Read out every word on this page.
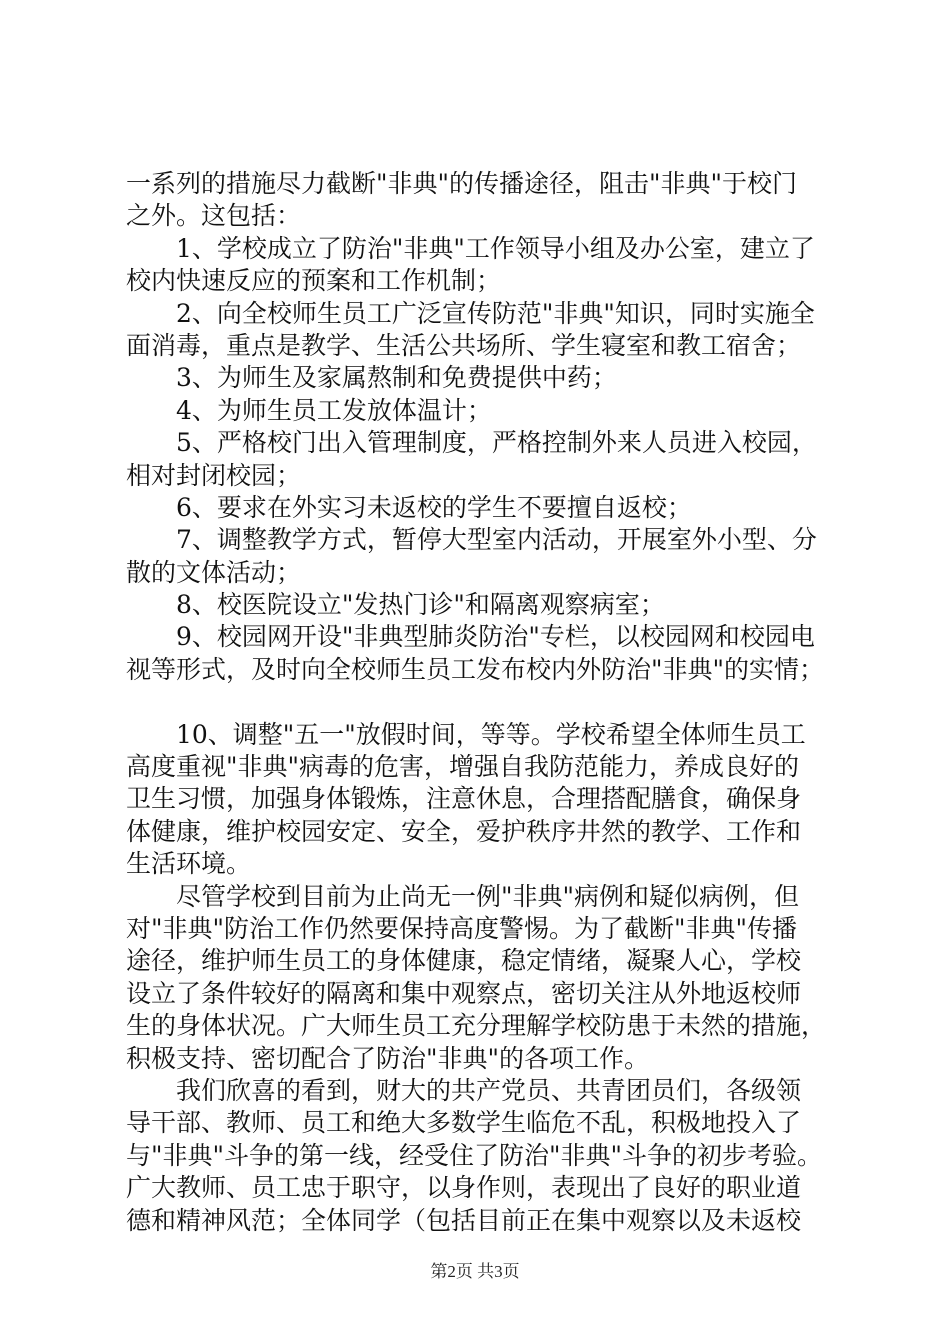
一系列的措施尽力截断"非典"的传播途径，阻击"非典"于校门
之外。这包括：
1、学校成立了防治"非典"工作领导小组及办公室，建立了
校内快速反应的预案和工作机制；
2、向全校师生员工广泛宣传防范"非典"知识，同时实施全
面消毒，重点是教学、生活公共场所、学生寝室和教工宿舍；
3、为师生及家属熬制和免费提供中药；
4、为师生员工发放体温计；
5、严格校门出入管理制度，严格控制外来人员进入校园，
相对封闭校园；
6、要求在外实习未返校的学生不要擅自返校；
7、调整教学方式，暂停大型室内活动，开展室外小型、分
散的文体活动；
8、校医院设立"发热门诊"和隔离观察病室；
9、校园网开设"非典型肺炎防治"专栏，以校园网和校园电
视等形式，及时向全校师生员工发布校内外防治"非典"的实情；
10、调整"五一"放假时间，等等。学校希望全体师生员工
高度重视"非典"病毒的危害，增强自我防范能力，养成良好的
卫生习惯，加强身体锻炼，注意休息，合理搭配膳食，确保身
体健康，维护校园安定、安全，爱护秩序井然的教学、工作和
生活环境。
尽管学校到目前为止尚无一例"非典"病例和疑似病例，但
对"非典"防治工作仍然要保持高度警惕。为了截断"非典"传播
途径，维护师生员工的身体健康，稳定情绪，凝聚人心，学校
设立了条件较好的隔离和集中观察点，密切关注从外地返校师
生的身体状况。广大师生员工充分理解学校防患于未然的措施，
积极支持、密切配合了防治"非典"的各项工作。
我们欣喜的看到，财大的共产党员、共青团员们，各级领
导干部、教师、员工和绝大多数学生临危不乱，积极地投入了
与"非典"斗争的第一线，经受住了防治"非典"斗争的初步考验。
广大教师、员工忠于职守，以身作则，表现出了良好的职业道
德和精神风范；全体同学（包括目前正在集中观察以及未返校
第2页 共3页
